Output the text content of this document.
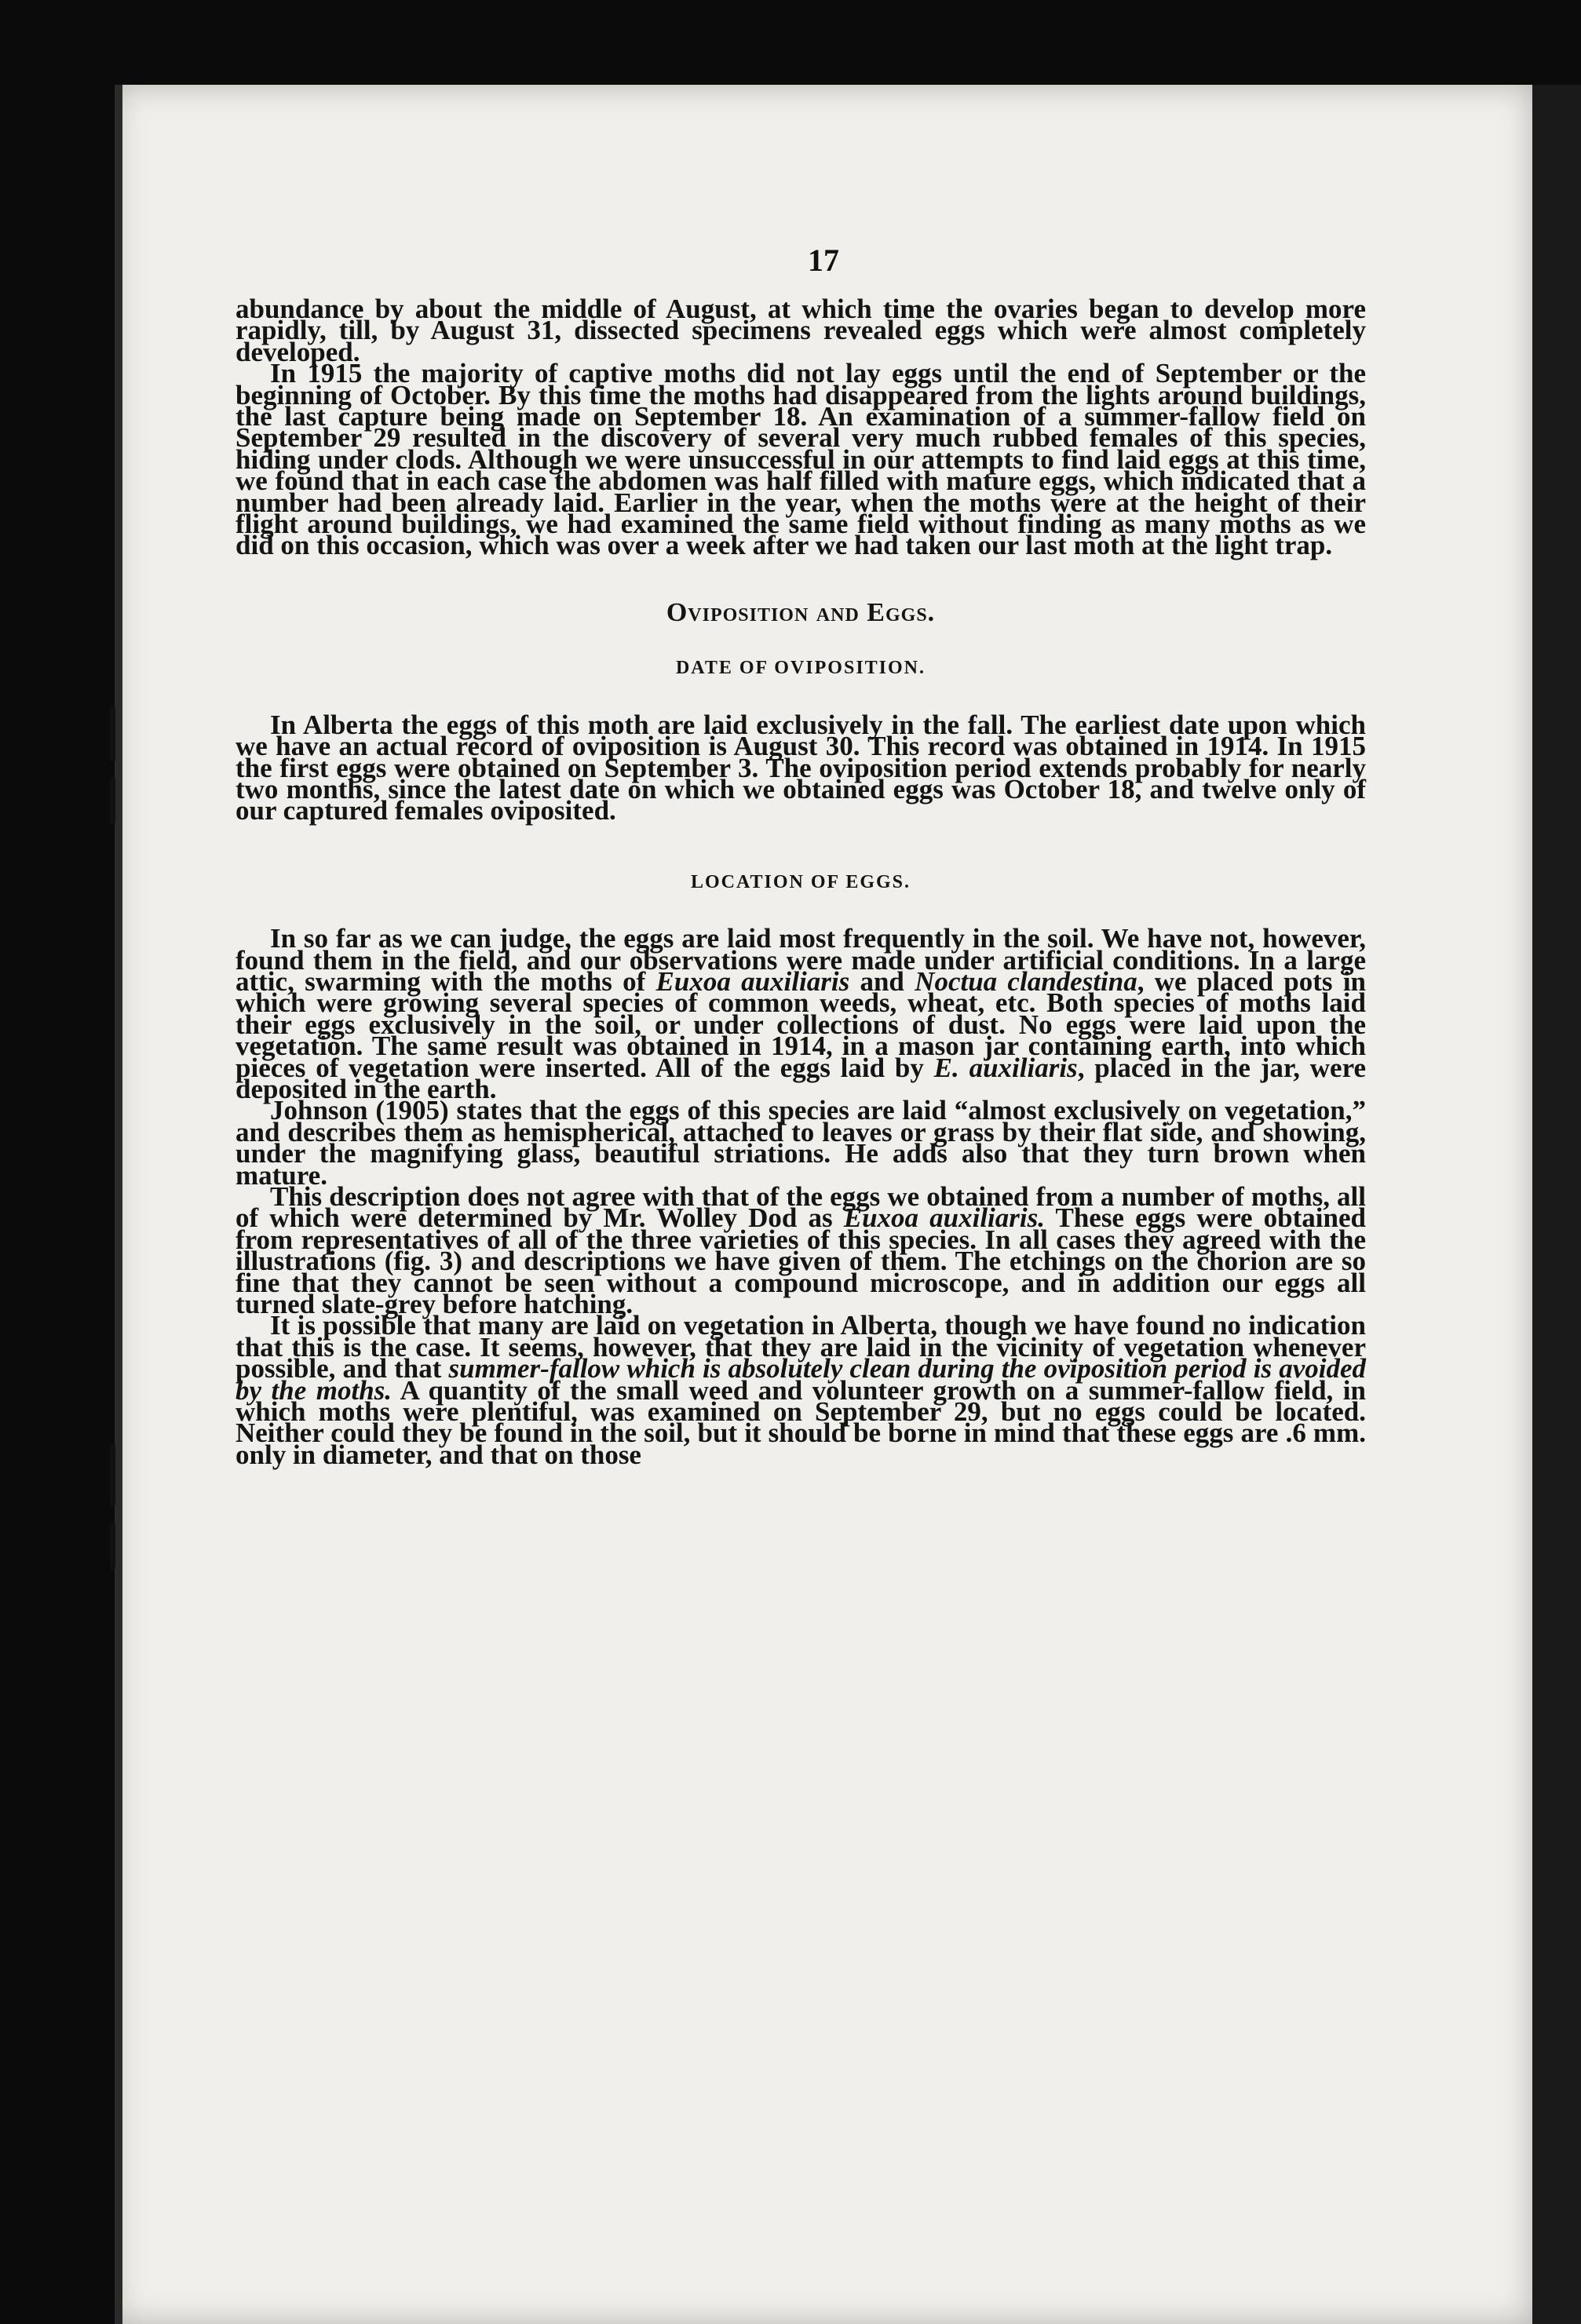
17

abundance by about the middle of August, at which time the ovaries began to develop more rapidly, till, by August 31, dissected specimens revealed eggs which were almost completely developed.

In 1915 the majority of captive moths did not lay eggs until the end of September or the beginning of October. By this time the moths had disappeared from the lights around buildings, the last capture being made on September 18. An examination of a summer-fallow field on September 29 resulted in the discovery of several very much rubbed females of this species, hiding under clods. Although we were unsuccessful in our attempts to find laid eggs at this time, we found that in each case the abdomen was half filled with mature eggs, which indicated that a number had been already laid. Earlier in the year, when the moths were at the height of their flight around buildings, we had examined the same field without finding as many moths as we did on this occasion, which was over a week after we had taken our last moth at the light trap.

Oviposition and Eggs.

DATE OF OVIPOSITION.

In Alberta the eggs of this moth are laid exclusively in the fall. The earliest date upon which we have an actual record of oviposition is August 30. This record was obtained in 1914. In 1915 the first eggs were obtained on September 3. The oviposition period extends probably for nearly two months, since the latest date on which we obtained eggs was October 18, and twelve only of our captured females oviposited.

LOCATION OF EGGS.

In so far as we can judge, the eggs are laid most frequently in the soil. We have not, however, found them in the field, and our observations were made under artificial conditions. In a large attic, swarming with the moths of Euxoa auxiliaris and Noctua clandestina, we placed pots in which were growing several species of common weeds, wheat, etc. Both species of moths laid their eggs exclusively in the soil, or under collections of dust. No eggs were laid upon the vegetation. The same result was obtained in 1914, in a mason jar containing earth, into which pieces of vegetation were inserted. All of the eggs laid by E. auxiliaris, placed in the jar, were deposited in the earth.

Johnson (1905) states that the eggs of this species are laid “almost exclusively on vegetation,” and describes them as hemispherical, attached to leaves or grass by their flat side, and showing, under the magnifying glass, beautiful striations. He adds also that they turn brown when mature.

This description does not agree with that of the eggs we obtained from a number of moths, all of which were determined by Mr. Wolley Dod as Euxoa auxiliaris. These eggs were obtained from representatives of all of the three varieties of this species. In all cases they agreed with the illustrations (fig. 3) and descriptions we have given of them. The etchings on the chorion are so fine that they cannot be seen without a compound microscope, and in addition our eggs all turned slate-grey before hatching.

It is possible that many are laid on vegetation in Alberta, though we have found no indication that this is the case. It seems, however, that they are laid in the vicinity of vegetation whenever possible, and that summer-fallow which is absolutely clean during the oviposition period is avoided by the moths. A quantity of the small weed and volunteer growth on a summer-fallow field, in which moths were plentiful, was examined on September 29, but no eggs could be located. Neither could they be found in the soil, but it should be borne in mind that these eggs are .6 mm. only in diameter, and that on those
